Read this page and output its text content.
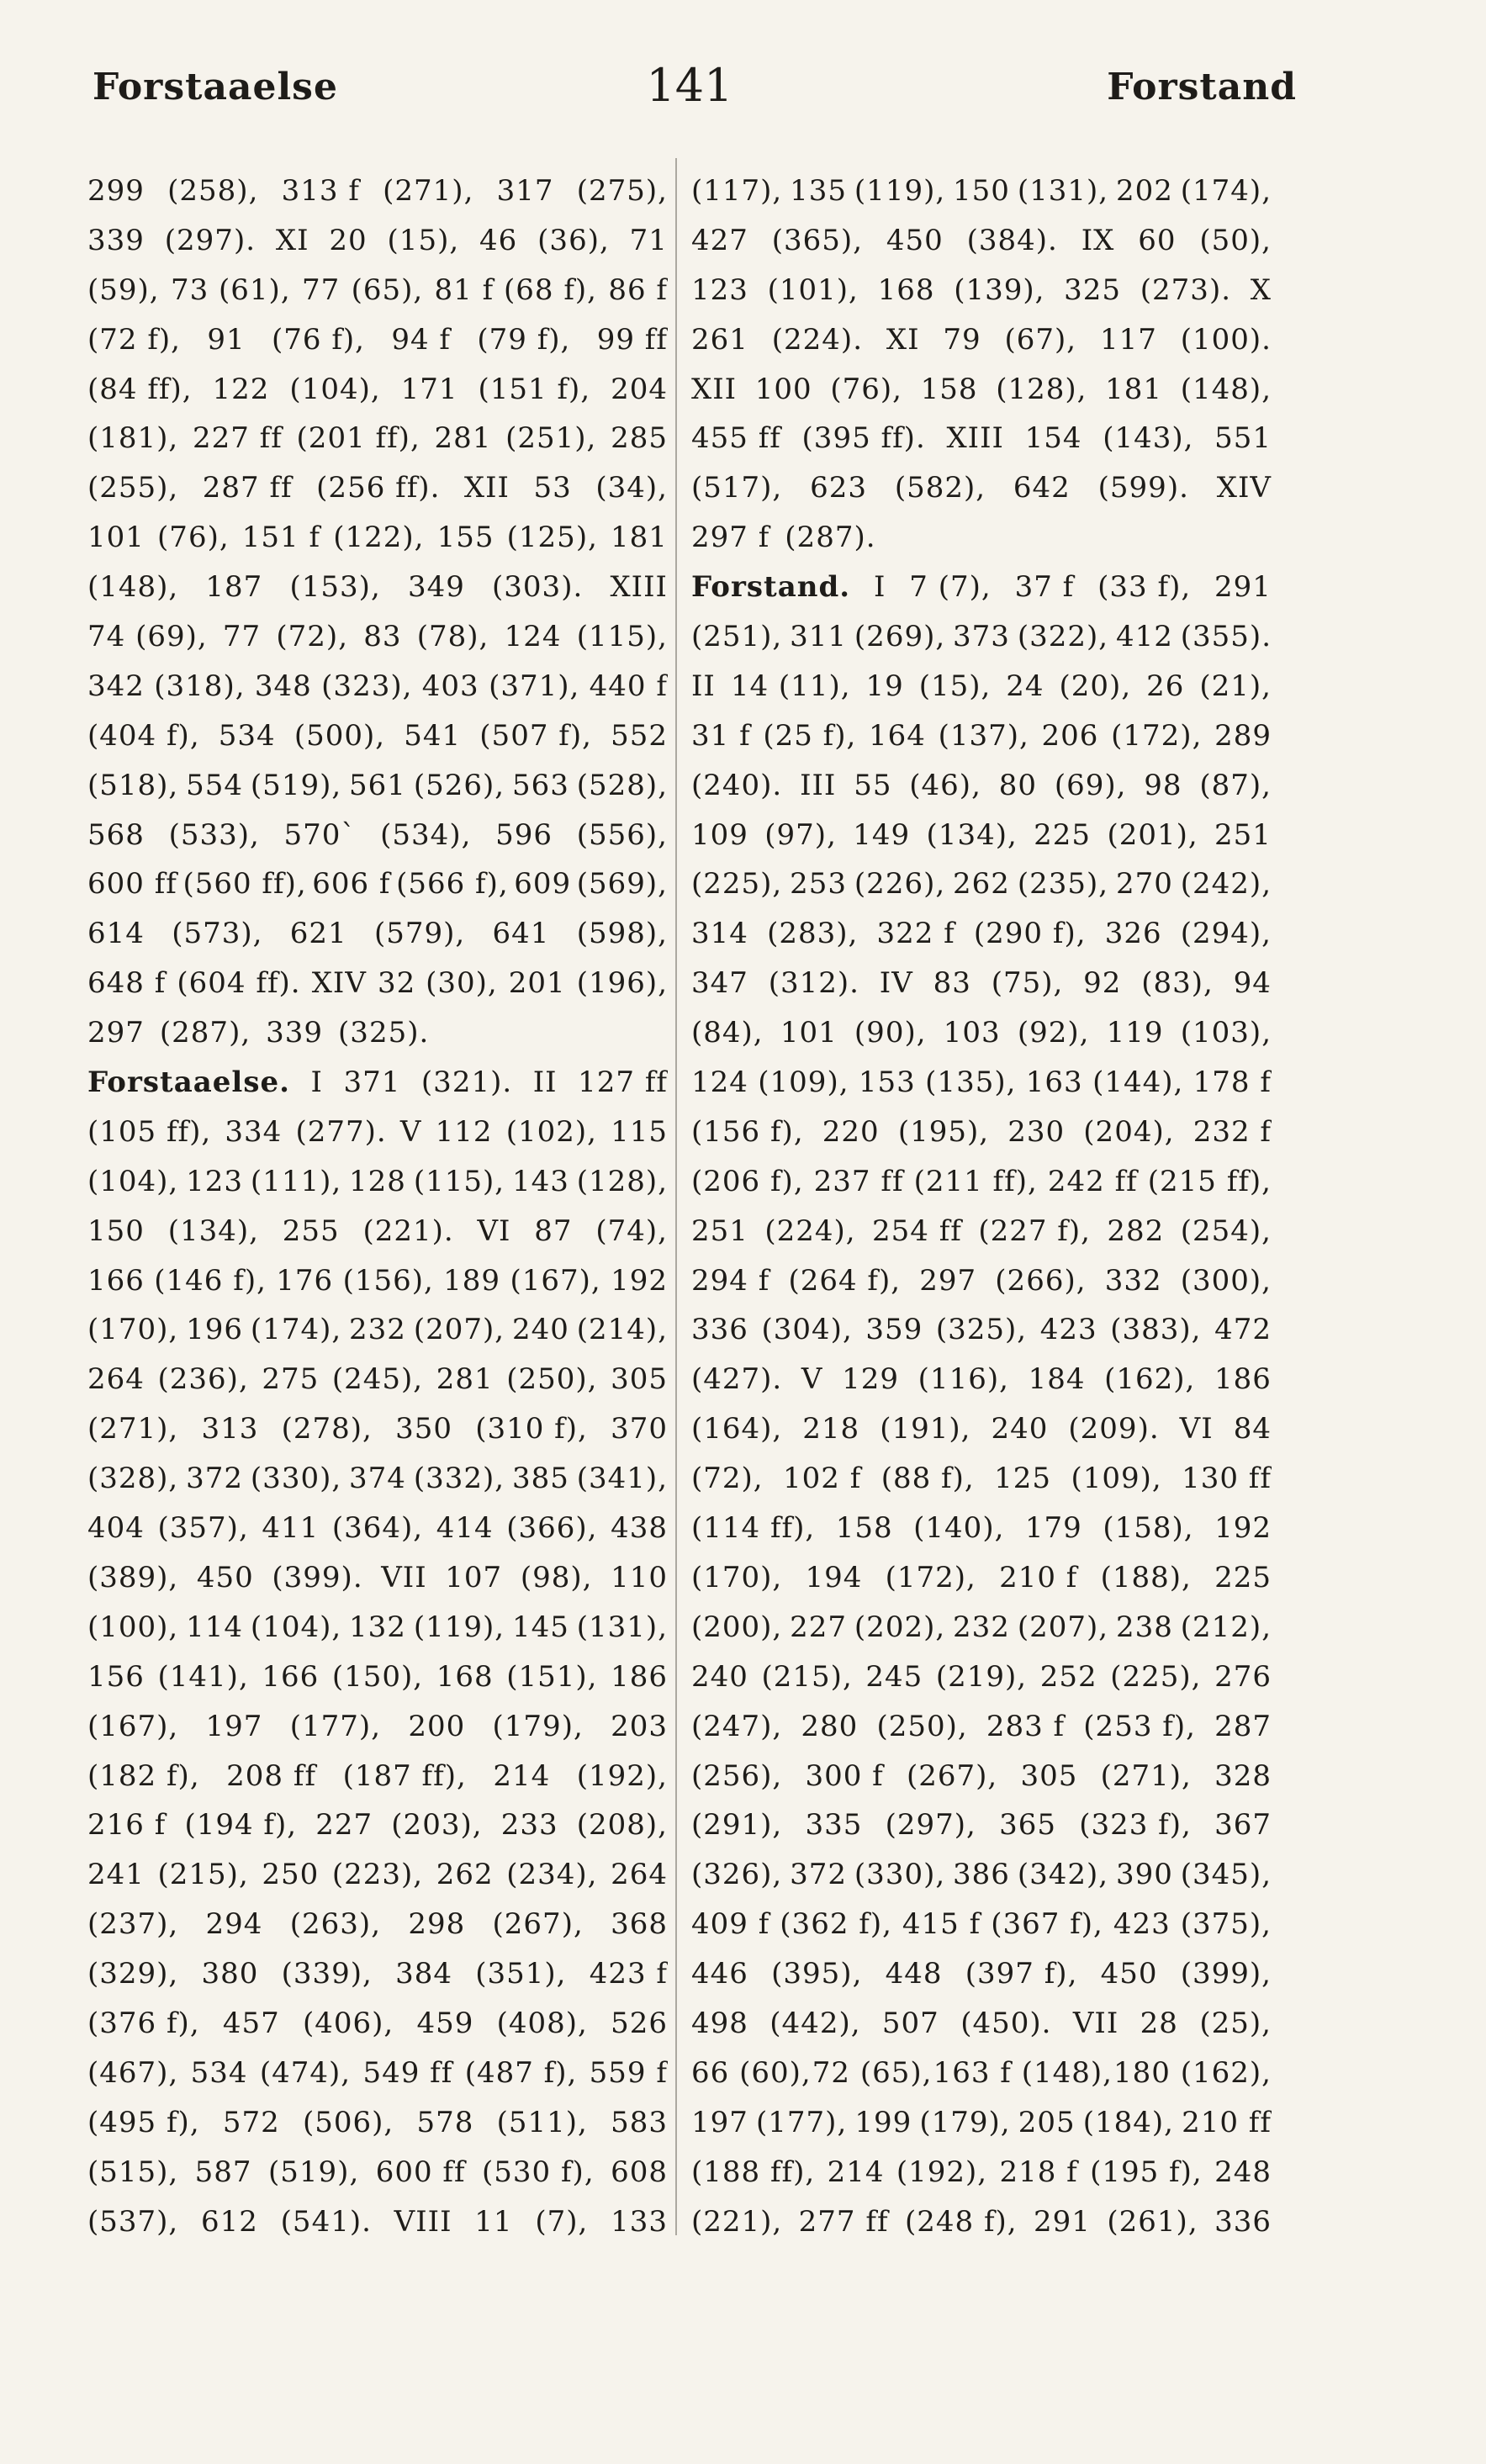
Forstaaelse	141	Forstand
299 (258), 313 f (271), 317 (275),
339 (297). XI 20 (15), 46 (36), 71
(59), 73 (61), 77 (65), 81 f (68 f), 86 f
(72 f), 91 (76 f), 94 f (79 f), 99 ff
(84 ff), 122 (104), 171 (151 f), 204
(181), 227 ff (201 ff), 281 (251), 285
(255), 287 ff (256 ff). XII 53 (34),
101 (76), 151 f (122), 155 (125), 181
(148), 187 (153), 349 (303). XIII
74 (69), 77 (72), 83 (78), 124 (115),
342 (318), 348 (323), 403 (371), 440 f
(404 f), 534 (500), 541 (507 f), 552
(518), 554 (519), 561 (526), 563 (528),
568 (533), 570` (534), 596 (556),
600 ff (560 ff), 606 f (566 f), 609 (569),
614 (573), 621 (579), 641 (598),
648 f (604 ff). XIV 32 (30), 201 (196),
297 (287), 339 (325).
Forstaaelse. I 371 (321). II 127 ff
(105 ff), 334 (277). V 112 (102), 115
(104), 123 (111), 128 (115), 143 (128),
150 (134), 255 (221). VI 87 (74),
166 (146 f), 176 (156), 189 (167), 192
(170), 196 (174), 232 (207), 240 (214),
264 (236), 275 (245), 281 (250), 305
(271), 313 (278), 350 (310 f), 370
(328), 372 (330), 374 (332), 385 (341),
404 (357), 411 (364), 414 (366), 438
(389), 450 (399). VII 107 (98), 110
(100), 114 (104), 132 (119), 145 (131),
156 (141), 166 (150), 168 (151), 186
(167), 197 (177), 200 (179), 203
(182 f), 208 ff (187 ff), 214 (192),
216 f (194 f), 227 (203), 233 (208),
241 (215), 250 (223), 262 (234), 264
(237), 294 (263), 298 (267), 368
(329), 380 (339), 384 (351), 423 f
(376 f), 457 (406), 459 (408), 526
(467), 534 (474), 549 ff (487 f), 559 f
(495 f), 572 (506), 578 (511), 583
(515), 587 (519), 600 ff (530 f), 608
(537), 612 (541). VIII 11 (7), 133
(117), 135 (119), 150 (131), 202 (174),
427 (365), 450 (384). IX 60 (50),
123 (101), 168 (139), 325 (273). X
261 (224). XI 79 (67), 117 (100).
XII 100 (76), 158 (128), 181 (148),
455 ff (395 ff). XIII 154 (143), 551
(517), 623 (582), 642 (599). XIV
297 f (287).
Forstand. I 7 (7), 37 f (33 f), 291
(251), 311 (269), 373 (322), 412 (355).
II 14 (11), 19 (15), 24 (20), 26 (21),
31 f (25 f), 164 (137), 206 (172), 289
(240). III 55 (46), 80 (69), 98 (87),
109 (97), 149 (134), 225 (201), 251
(225), 253 (226), 262 (235), 270 (242),
314 (283), 322 f (290 f), 326 (294),
347 (312). IV 83 (75), 92 (83), 94
(84), 101 (90), 103 (92), 119 (103),
124 (109), 153 (135), 163 (144), 178 f
(156 f), 220 (195), 230 (204), 232 f
(206 f), 237 ff (211 ff), 242 ff (215 ff),
251 (224), 254 ff (227 f), 282 (254),
294 f (264 f), 297 (266), 332 (300),
336 (304), 359 (325), 423 (383), 472
(427). V 129 (116), 184 (162), 186
(164), 218 (191), 240 (209). VI 84
(72), 102 f (88 f), 125 (109), 130 ff
(114 ff), 158 (140), 179 (158), 192
(170), 194 (172), 210 f (188), 225
(200), 227 (202), 232 (207), 238 (212),
240 (215), 245 (219), 252 (225), 276
(247), 280 (250), 283 f (253 f), 287
(256), 300 f (267), 305 (271), 328
(291), 335 (297), 365 (323 f), 367
(326), 372 (330), 386 (342), 390 (345),
409 f (362 f), 415 f (367 f), 423 (375),
446 (395), 448 (397 f), 450 (399),
498 (442), 507 (450). VII 28 (25),
66 (60), 72 (65), 163 f (148), 180 (162),
197 (177), 199 (179), 205 (184), 210 ff
(188 ff), 214 (192), 218 f (195 f), 248
(221), 277 ff (248 f), 291 (261), 336
